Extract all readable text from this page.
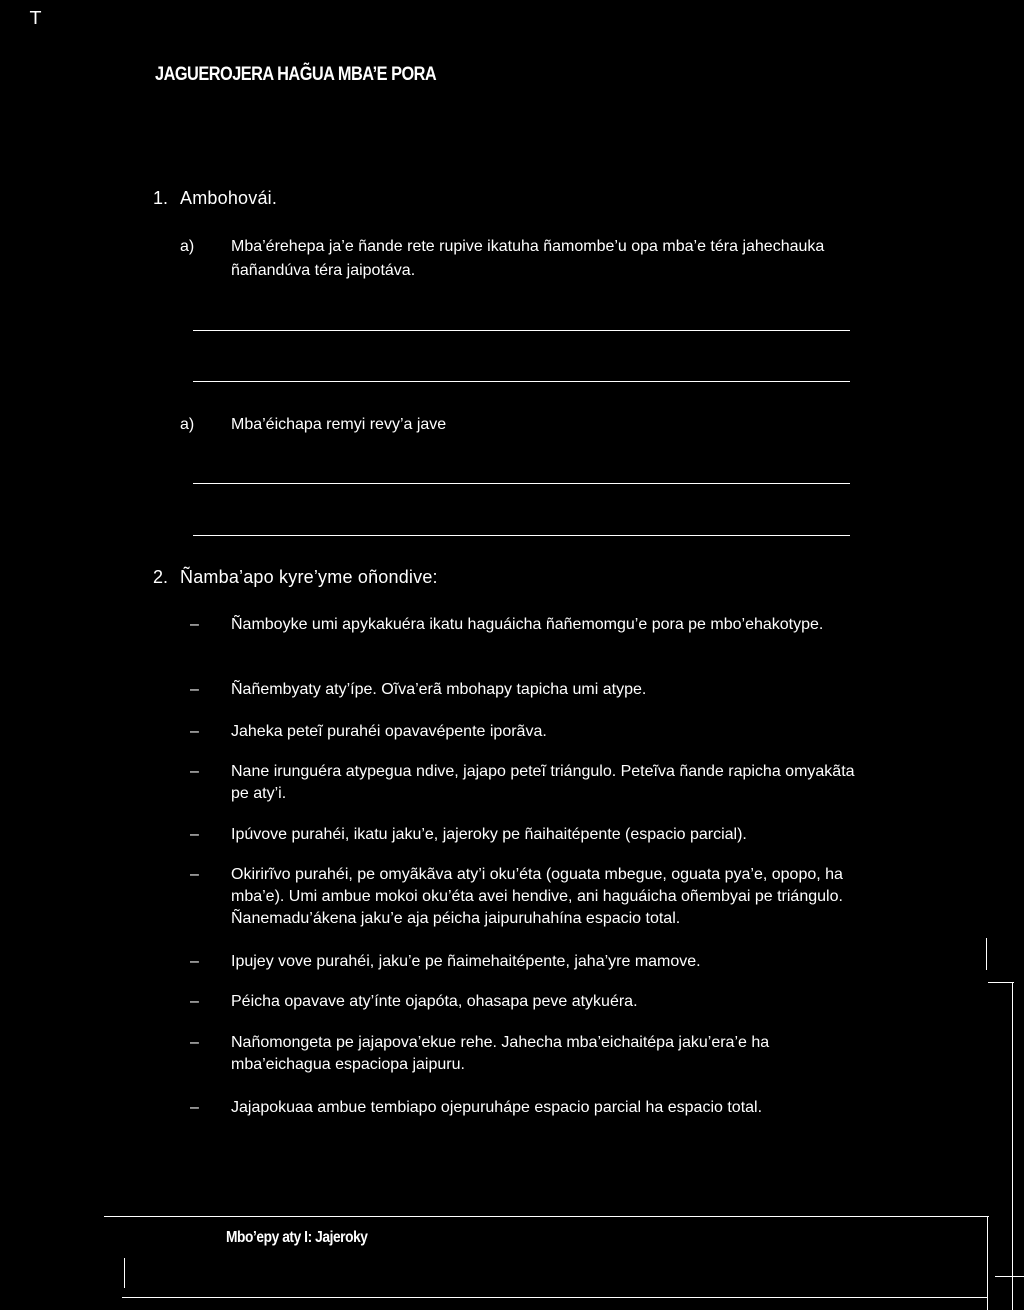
T
JAGUEROJERA HAG̃UA MBA’E PORA
1. Ambohovái.
a) Mba’érehepa ja’e ñande rete rupive ikatuha ñamombe’u opa mba’e téra jahechauka ñañandúva téra jaipotáva.
a) Mba’éichapa remyi revy’a jave
2. Ñamba’apo kyre’yme oñondive:
– Ñamboyke umi apykakuéra ikatu haguáicha ñañemomgu’e pora pe mbo’ehakotype.
– Ñañembyaty aty’ípe. Oĩva’erã mbohapy tapicha umi atype.
– Jaheka peteĩ purahéi opavavépente iporãva.
– Nane irunguéra atypegua ndive, jajapo peteĩ triángulo. Peteĩva ñande rapicha omyakãta pe aty’i.
– Ipúvove purahéi, ikatu jaku’e, jajeroky pe ñaihaitépente (espacio parcial).
– Okirirĩvo purahéi, pe omyãkãva aty’i oku’éta (oguata mbegue, oguata pya’e, opopo, ha mba’e). Umi ambue mokoi oku’éta avei hendive, ani haguáicha oñembyai pe triángulo. Ñanemadu’ákena jaku’e aja péicha jaipuruhahína espacio total.
– Ipujey vove purahéi, jaku’e pe ñaimehaitépente, jaha’yre mamove.
– Péicha opavave aty’ínte ojapóta, ohasapa peve atykuéra.
– Nañomongeta pe jajapova’ekue rehe. Jahecha mba’eichaitépa jaku’era’e ha mba’eichagua espaciopa jaipuru.
– Jajapokuaa ambue tembiapo ojepuruhápe espacio parcial ha espacio total.
Mbo’epy aty I: Jajeroky
